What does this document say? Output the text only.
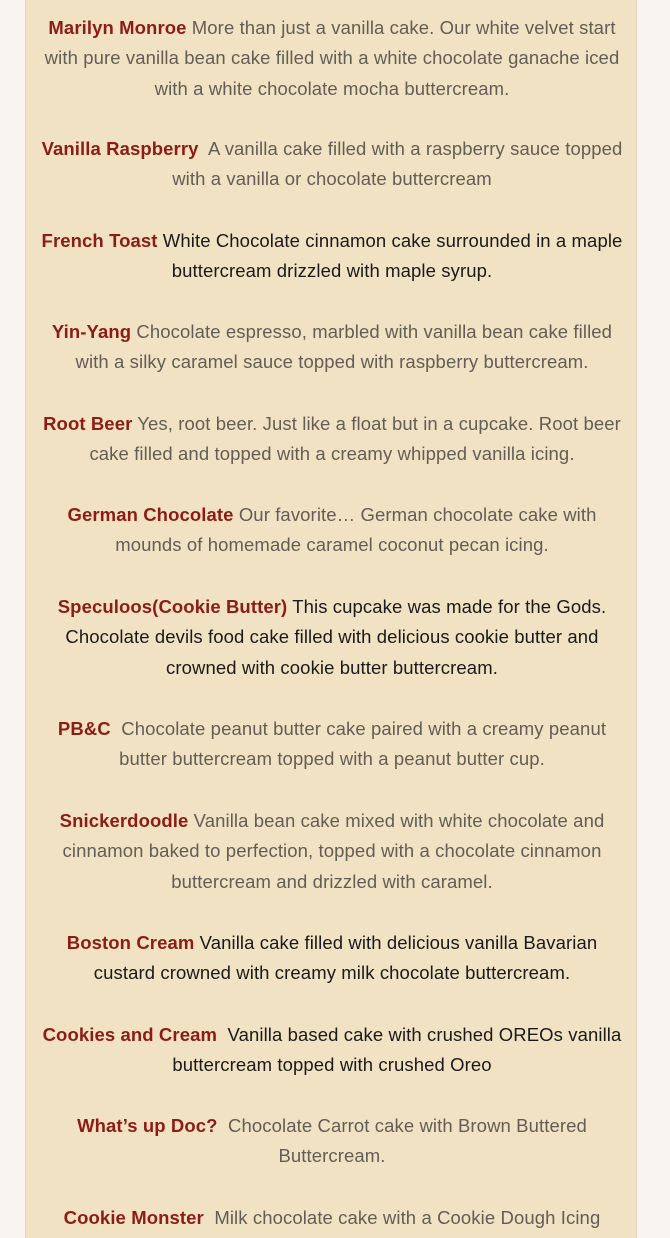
Marilyn Monroe More than just a vanilla cake. Our white velvet start with pure vanilla bean cake filled with a white chocolate ganache iced with a white chocolate mocha buttercream.

Vanilla Raspberry A vanilla cake filled with a raspberry sauce topped with a vanilla or chocolate buttercream

French Toast White Chocolate cinnamon cake surrounded in a maple buttercream drizzled with maple syrup.

Yin-Yang Chocolate espresso, marbled with vanilla bean cake filled with a silky caramel sauce topped with raspberry buttercream.

Root Beer Yes, root beer. Just like a float but in a cupcake. Root beer cake filled and topped with a creamy whipped vanilla icing.

German Chocolate Our favorite… German chocolate cake with mounds of homemade caramel coconut pecan icing.

Speculoos(Cookie Butter) This cupcake was made for the Gods. Chocolate devils food cake filled with delicious cookie butter and crowned with cookie butter buttercream.

PB&C Chocolate peanut butter cake paired with a creamy peanut butter buttercream topped with a peanut butter cup.

Snickerdoodle Vanilla bean cake mixed with white chocolate and cinnamon baked to perfection, topped with a chocolate cinnamon buttercream and drizzled with caramel.

Boston Cream Vanilla cake filled with delicious vanilla Bavarian custard crowned with creamy milk chocolate buttercream.

Cookies and Cream Vanilla based cake with crushed OREOs vanilla buttercream topped with crushed Oreo

What’s up Doc? Chocolate Carrot cake with Brown Buttered Buttercream.

Cookie Monster Milk chocolate cake with a Cookie Dough Icing
